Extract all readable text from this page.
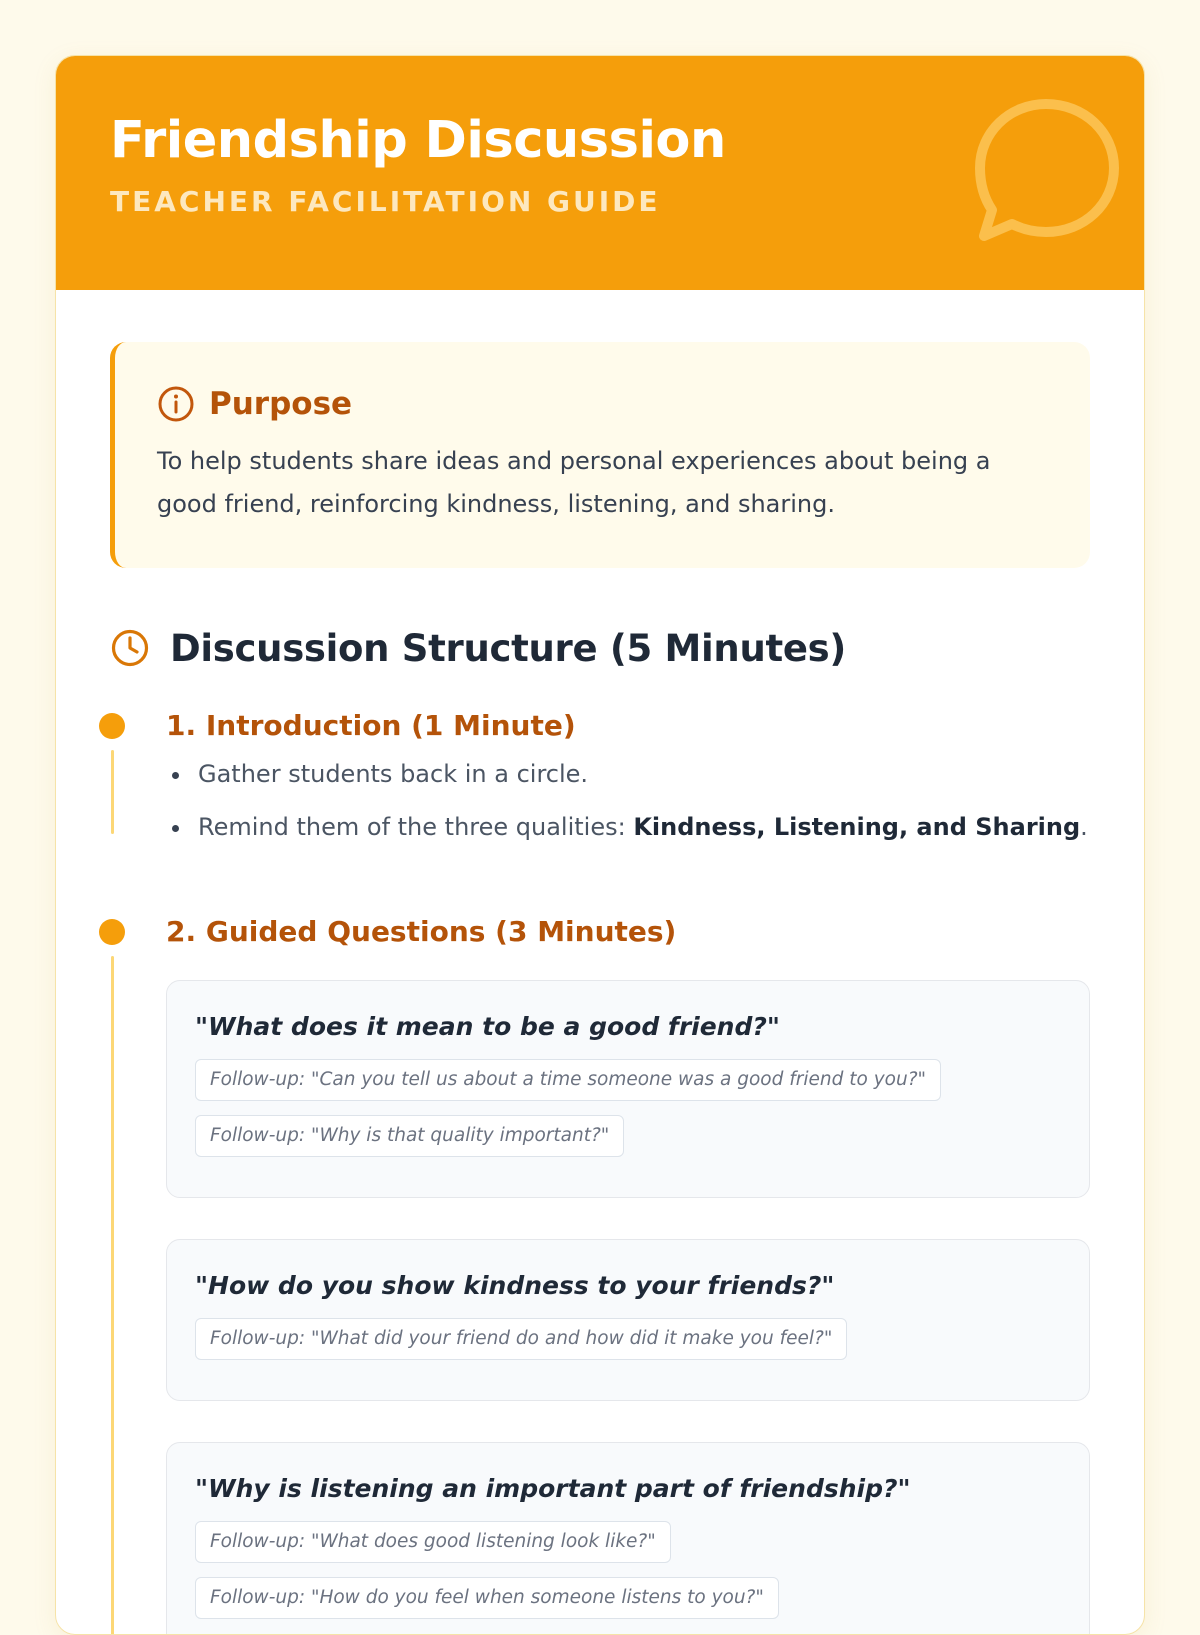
Friendship Discussion
TEACHER FACILITATION GUIDE
Purpose
To help students share ideas and personal experiences about being a good friend, reinforcing kindness, listening, and sharing.
Discussion Structure (5 Minutes)
1. Introduction (1 Minute)
Gather students back in a circle.
Remind them of the three qualities: Kindness, Listening, and Sharing.
2. Guided Questions (3 Minutes)
"What does it mean to be a good friend?"
Follow-up: "Can you tell us about a time someone was a good friend to you?"
Follow-up: "Why is that quality important?"
"How do you show kindness to your friends?"
Follow-up: "What did your friend do and how did it make you feel?"
"Why is listening an important part of friendship?"
Follow-up: "What does good listening look like?"
Follow-up: "How do you feel when someone listens to you?"
